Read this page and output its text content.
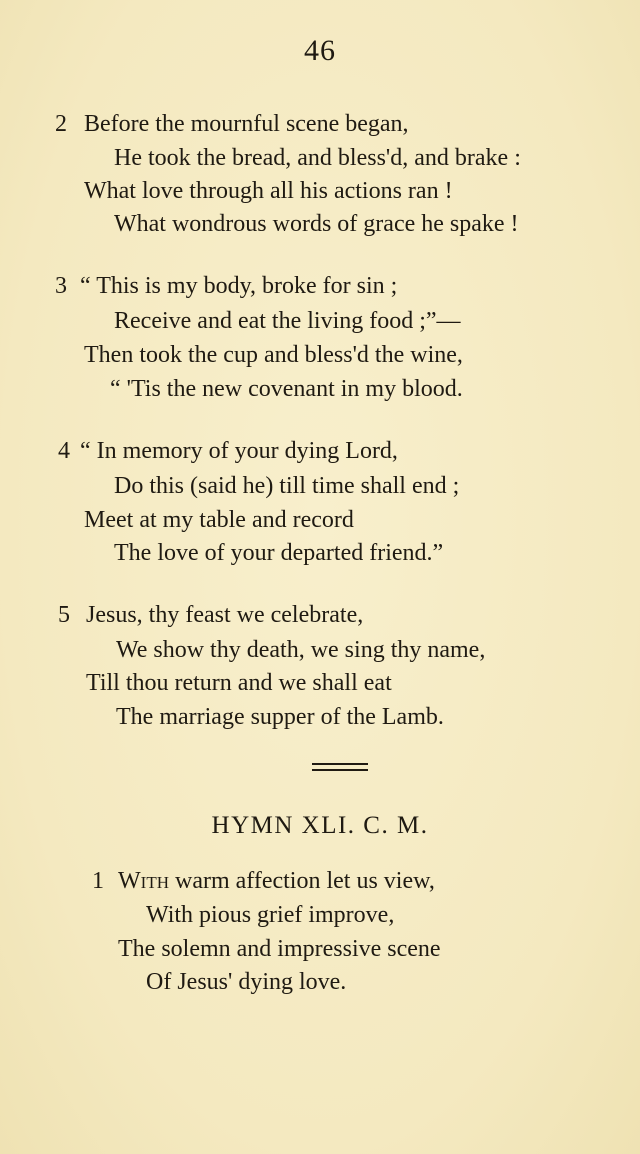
46
2 Before the mournful scene began,
He took the bread, and bless'd, and brake :
What love through all his actions ran !
What wondrous words of grace he spake !
3 “ This is my body, broke for sin ;
Receive and eat the living food ;”—
Then took the cup and bless'd the wine,
“ 'Tis the new covenant in my blood.
4 “ In memory of your dying Lord,
Do this (said he) till time shall end ;
Meet at my table and record
The love of your departed friend.”
5 Jesus, thy feast we celebrate,
We show thy death, we sing thy name,
Till thou return and we shall eat
The marriage supper of the Lamb.
HYMN XLI. C. M.
1 With warm affection let us view,
With pious grief improve,
The solemn and impressive scene
Of Jesus' dying love.
